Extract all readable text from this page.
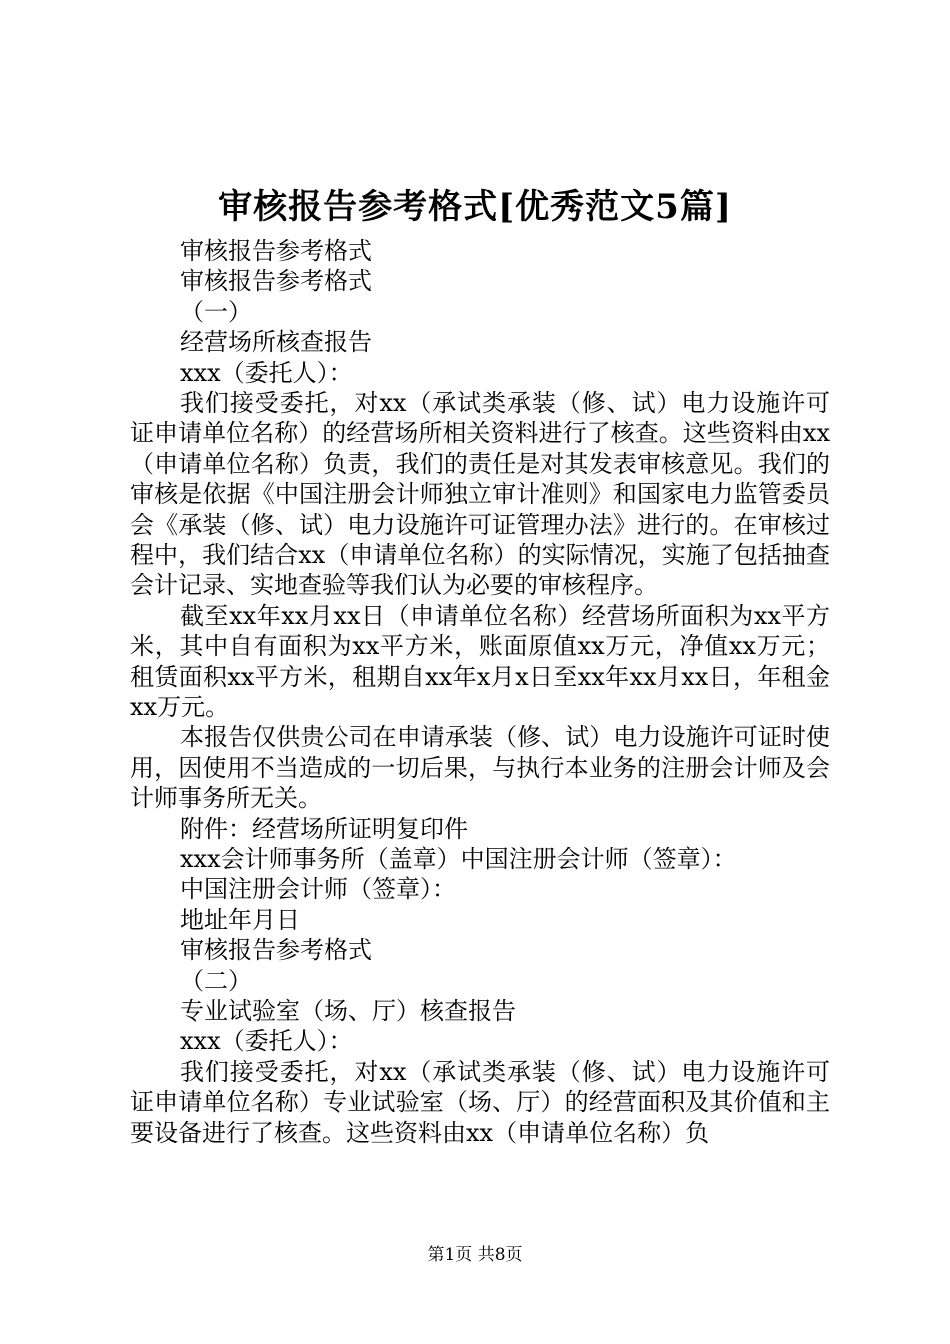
审核报告参考格式[优秀范文5篇]

审核报告参考格式

审核报告参考格式

（一）

经营场所核查报告

xxx（委托人）：

我们接受委托，对xx（承试类承装（修、试）电力设施许可证申请单位名称）的经营场所相关资料进行了核查。这些资料由xx（申请单位名称）负责，我们的责任是对其发表审核意见。我们的审核是依据《中国注册会计师独立审计准则》和国家电力监管委员会《承装（修、试）电力设施许可证管理办法》进行的。在审核过程中，我们结合xx（申请单位名称）的实际情况，实施了包括抽查会计记录、实地查验等我们认为必要的审核程序。

截至xx年xx月xx日（申请单位名称）经营场所面积为xx平方米，其中自有面积为xx平方米，账面原值xx万元，净值xx万元；租赁面积xx平方米，租期自xx年x月x日至xx年xx月xx日，年租金xx万元。

本报告仅供贵公司在申请承装（修、试）电力设施许可证时使用，因使用不当造成的一切后果，与执行本业务的注册会计师及会计师事务所无关。

附件：经营场所证明复印件

xxx会计师事务所（盖章）中国注册会计师（签章）：

中国注册会计师（签章）：

地址年月日

审核报告参考格式

（二）

专业试验室（场、厅）核查报告

xxx（委托人）：

我们接受委托，对xx（承试类承装（修、试）电力设施许可证申请单位名称）专业试验室（场、厅）的经营面积及其价值和主要设备进行了核查。这些资料由xx（申请单位名称）负

第1页 共8页
